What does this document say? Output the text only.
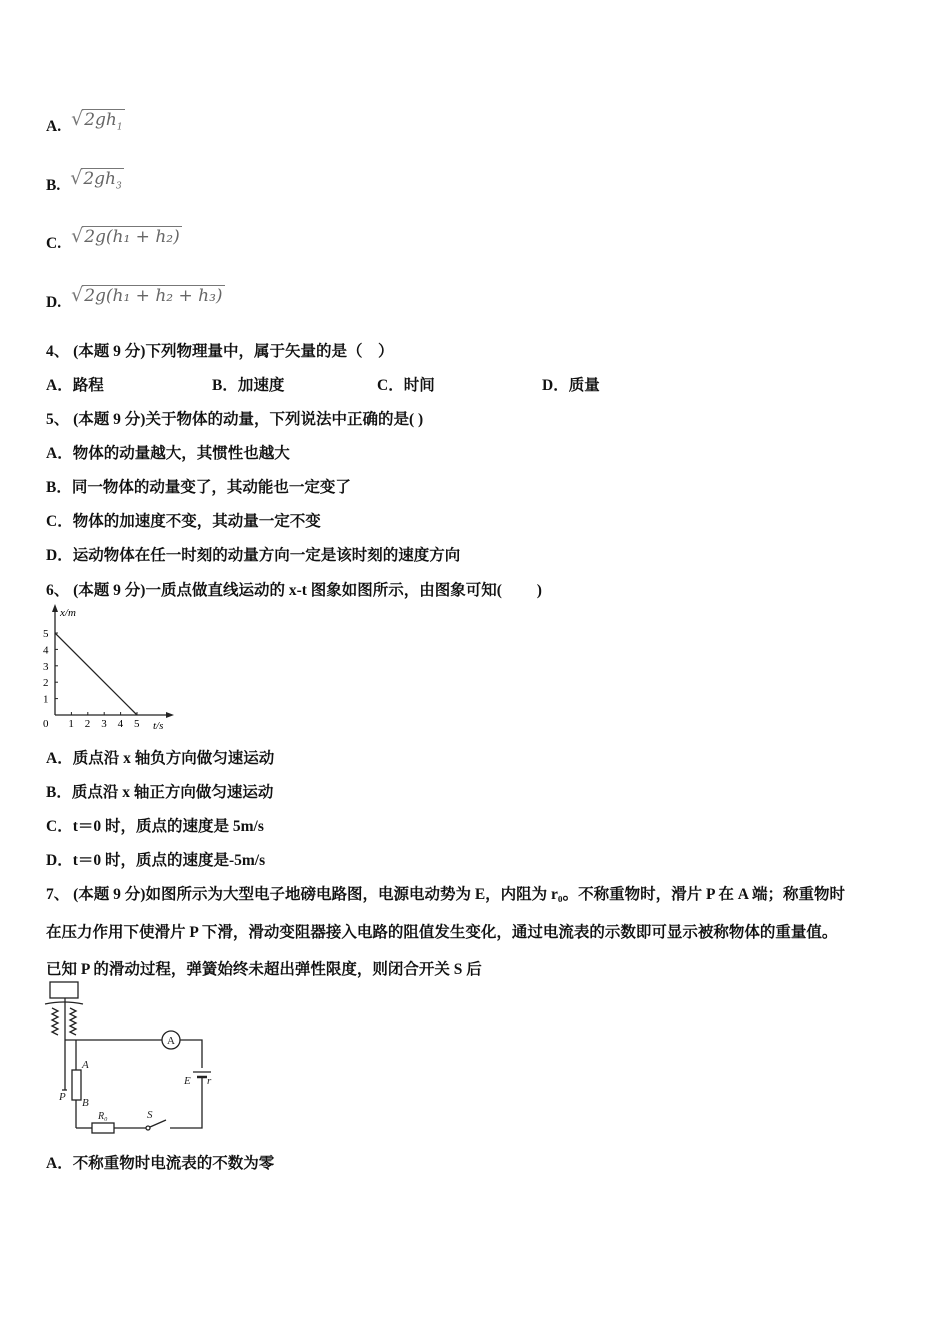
A. $√2gh_1$
B. $√2gh_3$
C. √2g(h₁ + h₂)
D. √2g(h₁ + h₂ + h₃)
4、 (本题 9 分)下列物理量中，属于矢量的是（　）
A．路程	B．加速度	C．时间	D．质量
5、 (本题 9 分)关于物体的动量，下列说法中正确的是( )
A．物体的动量越大，其惯性也越大
B．同一物体的动量变了，其动能也一定变了
C．物体的加速度不变，其动量一定不变
D．运动物体在任一时刻的动量方向一定是该时刻的速度方向
6、 (本题 9 分)一质点做直线运动的 x-t 图象如图所示，由图象可知(　　 )
0 1 2 3 4 5
1
2
3
4
5
x/m
t/s
A．质点沿 x 轴负方向做匀速运动
B．质点沿 x 轴正方向做匀速运动
C．t＝0 时，质点的速度是 5m/s
D．t＝0 时，质点的速度是-5m/s
7、 (本题 9 分)如图所示为大型电子地磅电路图，电源电动势为 E，内阻为 r₀。不称重物时，滑片 P 在 A 端；称重物时
在压力作用下使滑片 P 下滑，滑动变阻器接入电路的阻值发生变化，通过电流表的示数即可显示被称物体的重量值。
已知 P 的滑动过程，弹簧始终未超出弹性限度，则闭合开关 S 后
A
A
B
P
E r
R₀	S
A．不称重物时电流表的不数为零
